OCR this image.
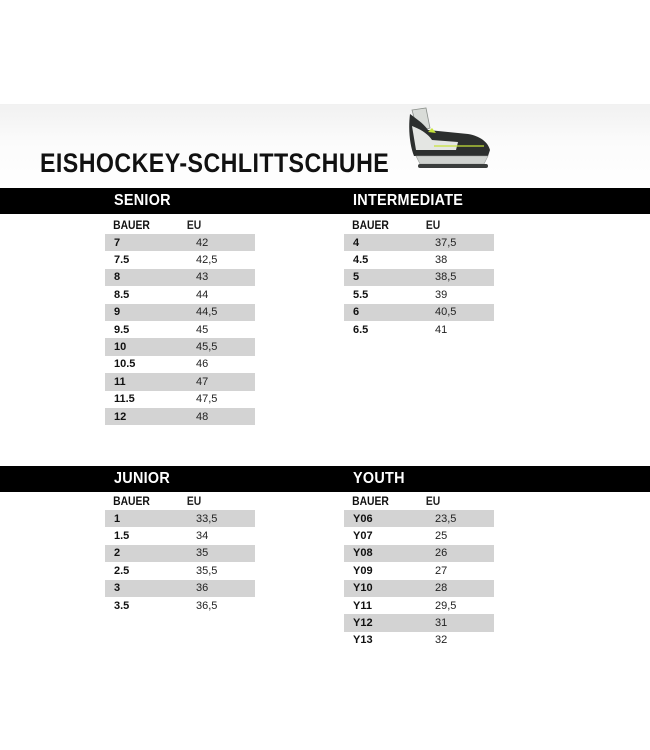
EISHOCKEY-SCHLITTSCHUHE
SENIOR	INTERMEDIATE
JUNIOR	YOUTH
BAUER	EU
7	42
7.5	42,5
8	43
8.5	44
9	44,5
9.5	45
10	45,5
10.5	46
11	47
11.5	47,5
12	48
BAUER	EU
4	37,5
4.5	38
5	38,5
5.5	39
6	40,5
6.5	41
BAUER	EU
1	33,5
1.5	34
2	35
2.5	35,5
3	36
3.5	36,5
BAUER	EU
Y06	23,5
Y07	25
Y08	26
Y09	27
Y10	28
Y11	29,5
Y12	31
Y13	32
